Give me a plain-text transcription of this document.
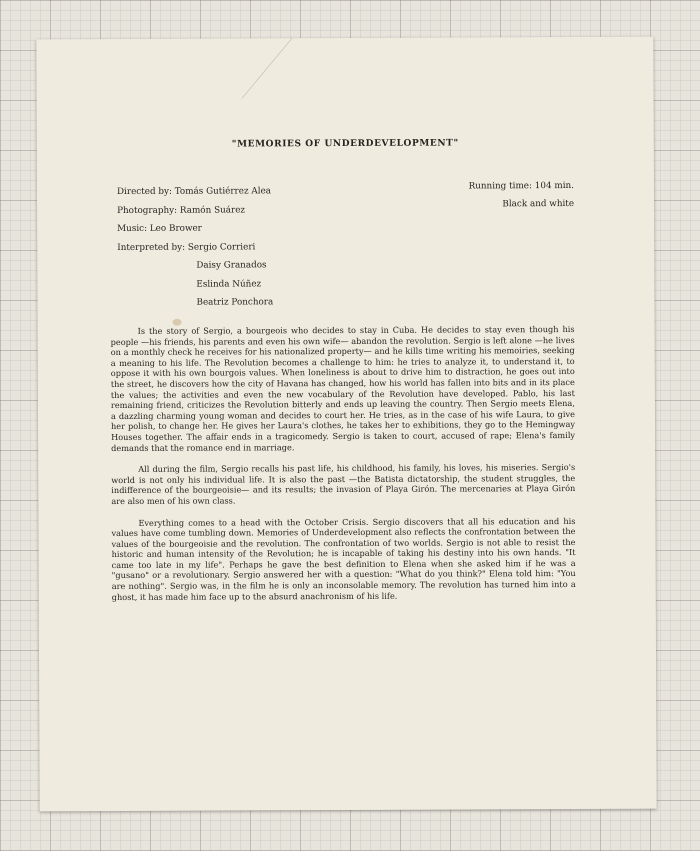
"MEMORIES OF UNDERDEVELOPMENT"
Directed by: Tomás Gutiérrez Alea
Photography: Ramón Suárez
Music: Leo Brower
Interpreted by: Sergio Corrieri
Daisy Granados
Eslinda Núñez
Beatriz Ponchora
Running time: 104 min.
Black and white

Is the story of Sergio, a bourgeois who decides to stay in Cuba. He decides to stay even though his people —his friends, his parents and even his own wife— abandon the revolution. Sergio is left alone —he lives on a monthly check he receives for his nationalized property— and he kills time writing his memoiries, seeking a meaning to his life. The Revolution becomes a challenge to him: he tries to analyze it, to understand it, to oppose it with his own bourgois values. When loneliness is about to drive him to distraction, he goes out into the street, he discovers how the city of Havana has changed, how his world has fallen into bits and in its place the values; the activities and even the new vocabulary of the Revolution have developed. Pablo, his last remaining friend, criticizes the Revolution bitterly and ends up leaving the country. Then Sergio meets Elena, a dazzling charming young woman and decides to court her. He tries, as in the case of his wife Laura, to give her polish, to change her. He gives her Laura's clothes, he takes her to exhibitions, they go to the Hemingway Houses together. The affair ends in a tragicomedy. Sergio is taken to court, accused of rape; Elena's family demands that the romance end in marriage.

All during the film, Sergio recalls his past life, his childhood, his family, his loves, his miseries. Sergio's world is not only his individual life. It is also the past —the Batista dictatorship, the student struggles, the indifference of the bourgeoisie— and its results; the invasion of Playa Girón. The mercenaries at Playa Girón are also men of his own class.

Everything comes to a head with the October Crisis. Sergio discovers that all his education and his values have come tumbling down. Memories of Underdevelopment also reflects the confrontation between the values of the bourgeoisie and the revolution. The confrontation of two worlds. Sergio is not able to resist the historic and human intensity of the Revolution; he is incapable of taking his destiny into his own hands. "It came too late in my life". Perhaps he gave the best definition to Elena when she asked him if he was a "gusano" or a revolutionary. Sergio answered her with a question: "What do you think?" Elena told him: "You are nothing". Sergio was, in the film he is only an inconsolable memory. The revolution has turned him into a ghost, it has made him face up to the absurd anachronism of his life.
